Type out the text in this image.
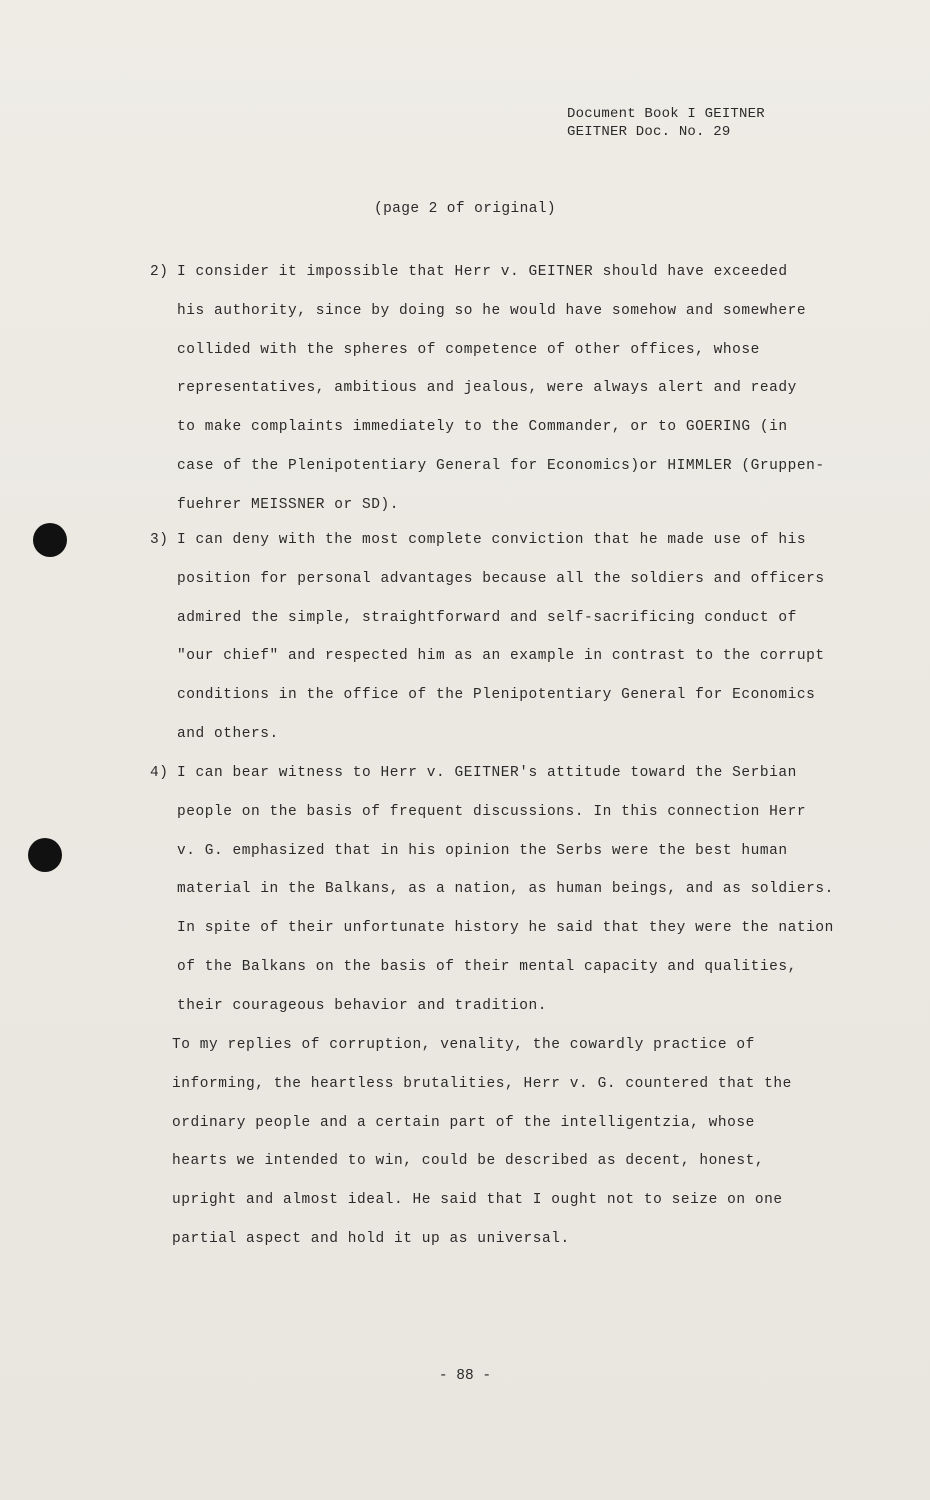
Document Book I GEITNER
GEITNER Doc. No. 29
(page 2 of original)
2) I consider it impossible that Herr v. GEITNER should have exceeded
his authority, since by doing so he would have somehow and somewhere
collided with the spheres of competence of other offices, whose
representatives, ambitious and jealous, were always alert and ready
to make complaints immediately to the Commander, or to GOERING (in
case of the Plenipotentiary General for Economics)or HIMMLER (Gruppen-
fuehrer MEISSNER or SD).
3) I can deny with the most complete conviction that he made use of his
position for personal advantages because all the soldiers and officers
admired the simple, straightforward and self-sacrificing conduct of
"our chief" and respected him as an example in contrast to the corrupt
conditions in the office of the Plenipotentiary General for Economics
and others.
4) I can bear witness to Herr v. GEITNER's attitude toward the Serbian
people on the basis of frequent discussions. In this connection Herr
v. G. emphasized that in his opinion the Serbs were the best human
material in the Balkans, as a nation, as human beings, and as soldiers.
In spite of their unfortunate history he said that they were the nation
of the Balkans on the basis of their mental capacity and qualities,
their courageous behavior and tradition.
To my replies of corruption, venality, the cowardly practice of
informing, the heartless brutalities, Herr v. G. countered that the
ordinary people and a certain part of the intelligentzia, whose
hearts we intended to win, could be described as decent, honest,
upright and almost ideal. He said that I ought not to seize on one
partial aspect and hold it up as universal.
- 88 -
